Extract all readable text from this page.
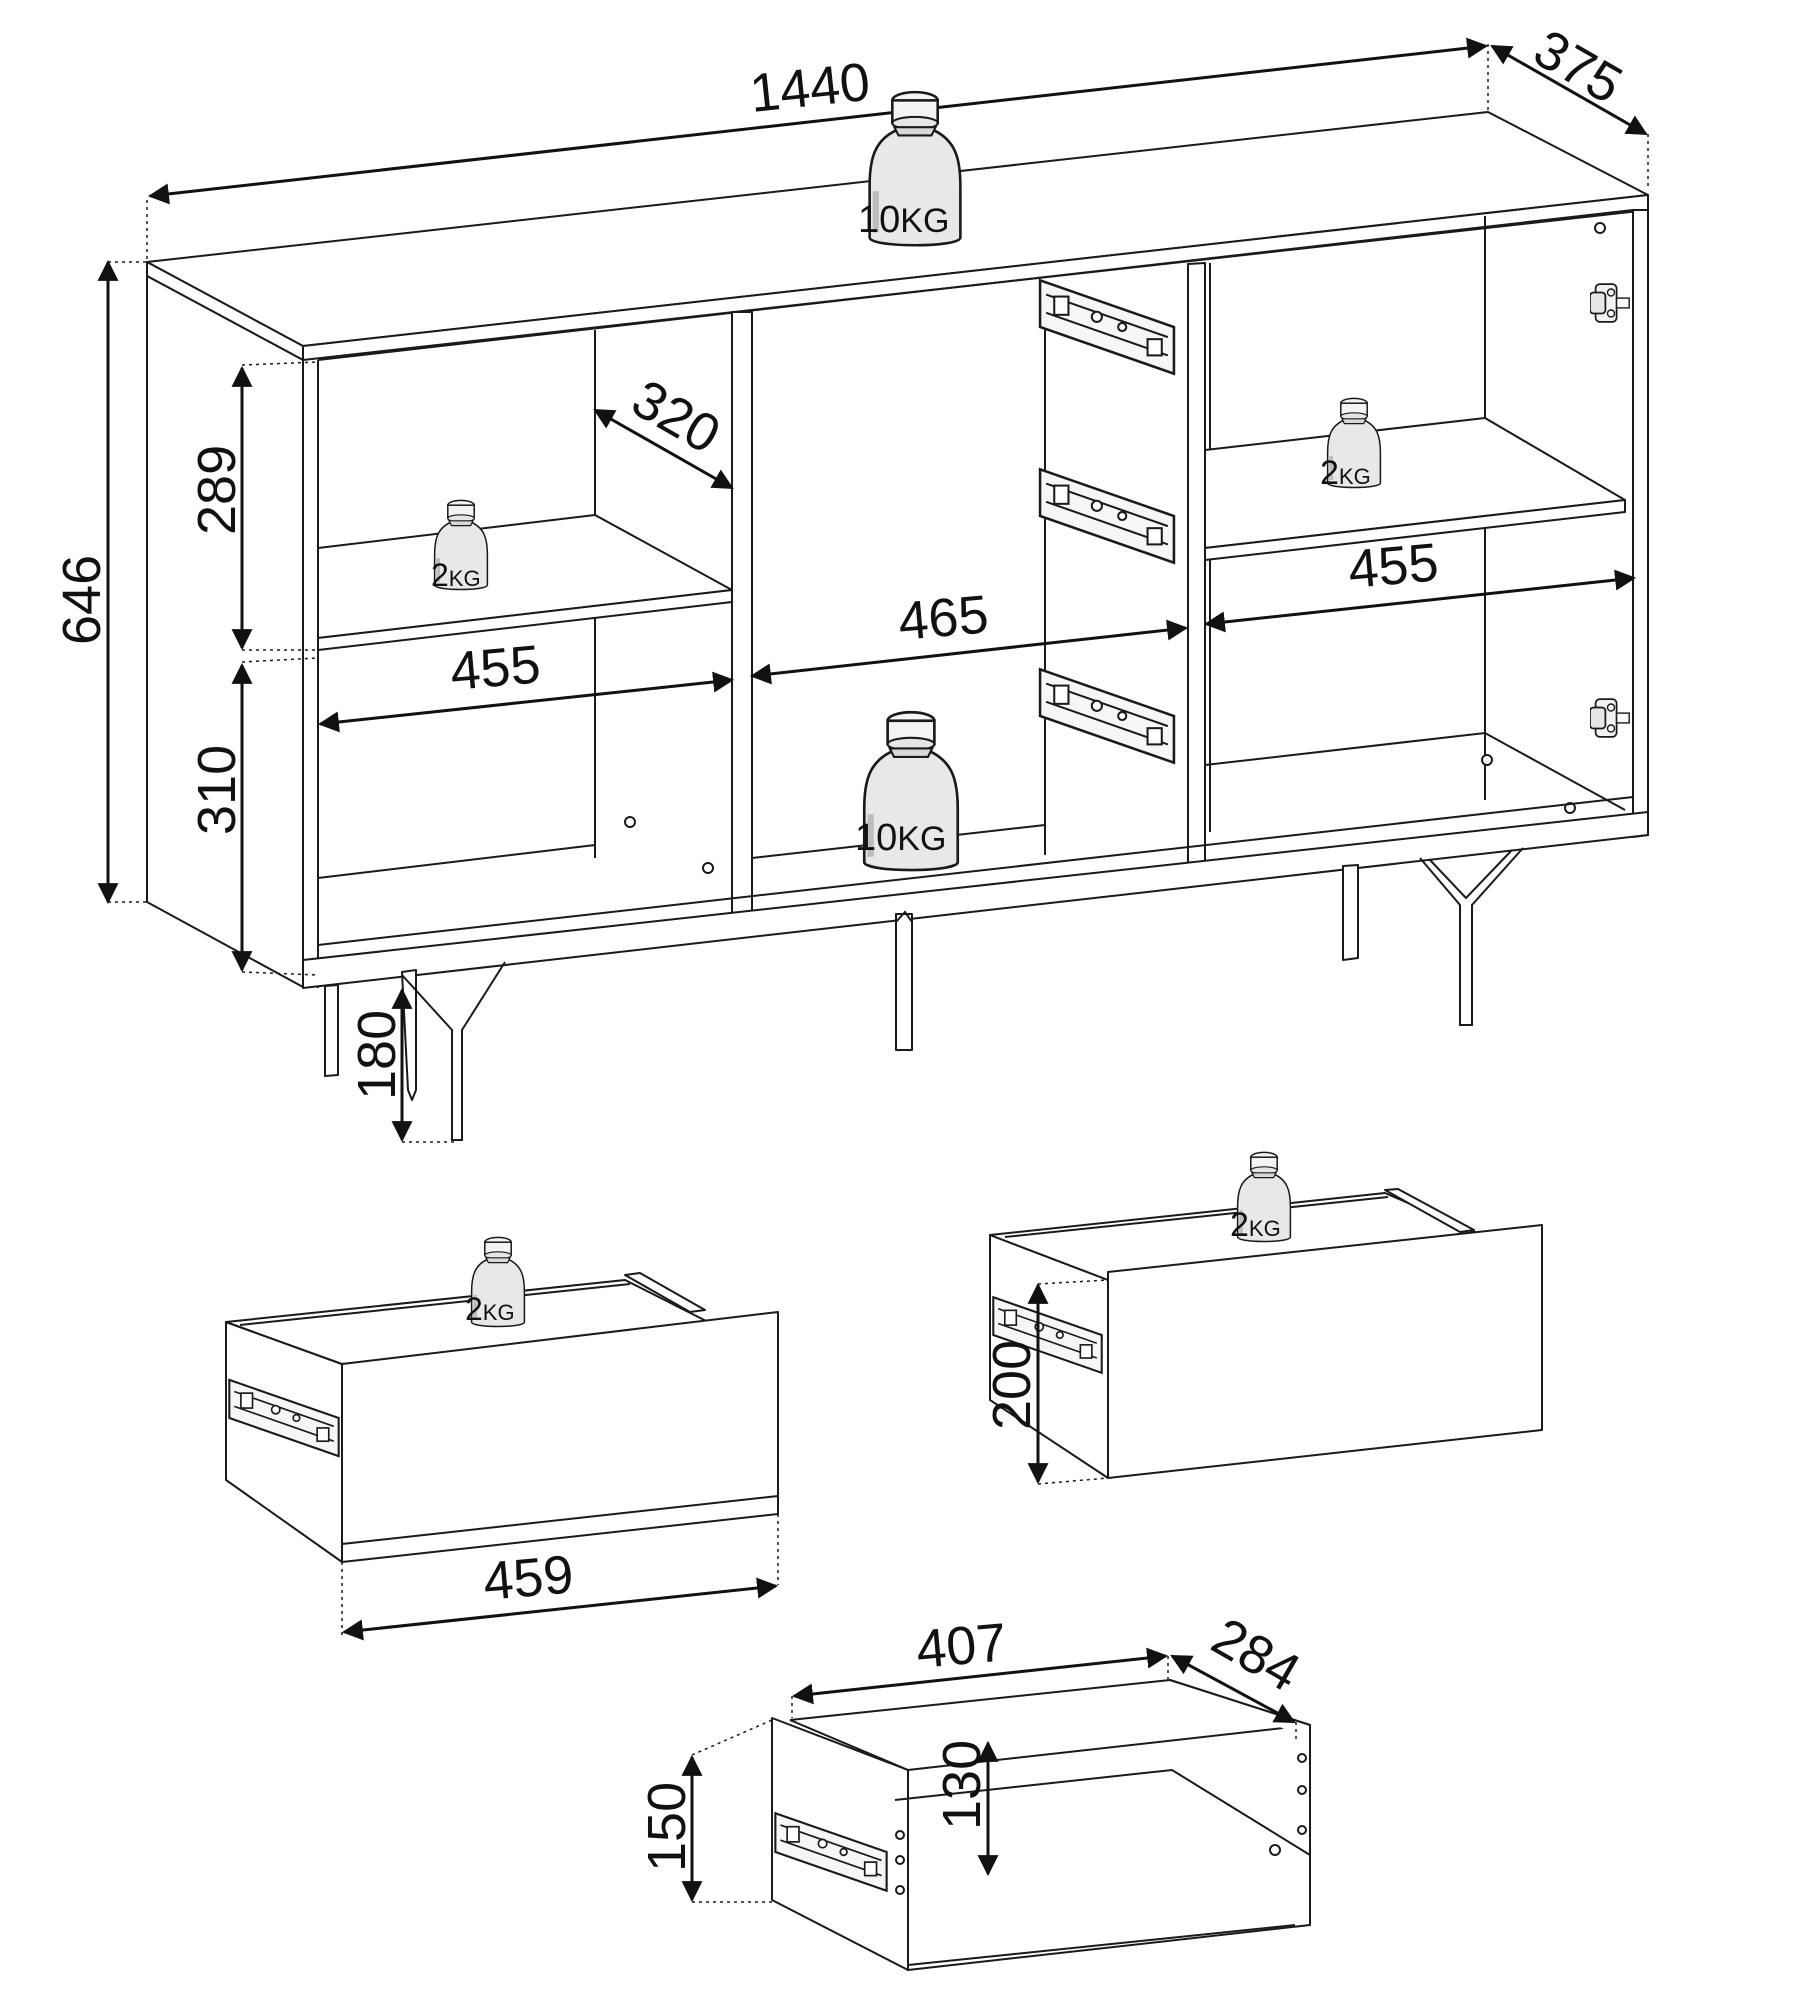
1440	375
646
289
310
320
455
465
455
180
459
200
407	284
150	130
10KG
2KG
2KG
10KG
2KG
2KG
